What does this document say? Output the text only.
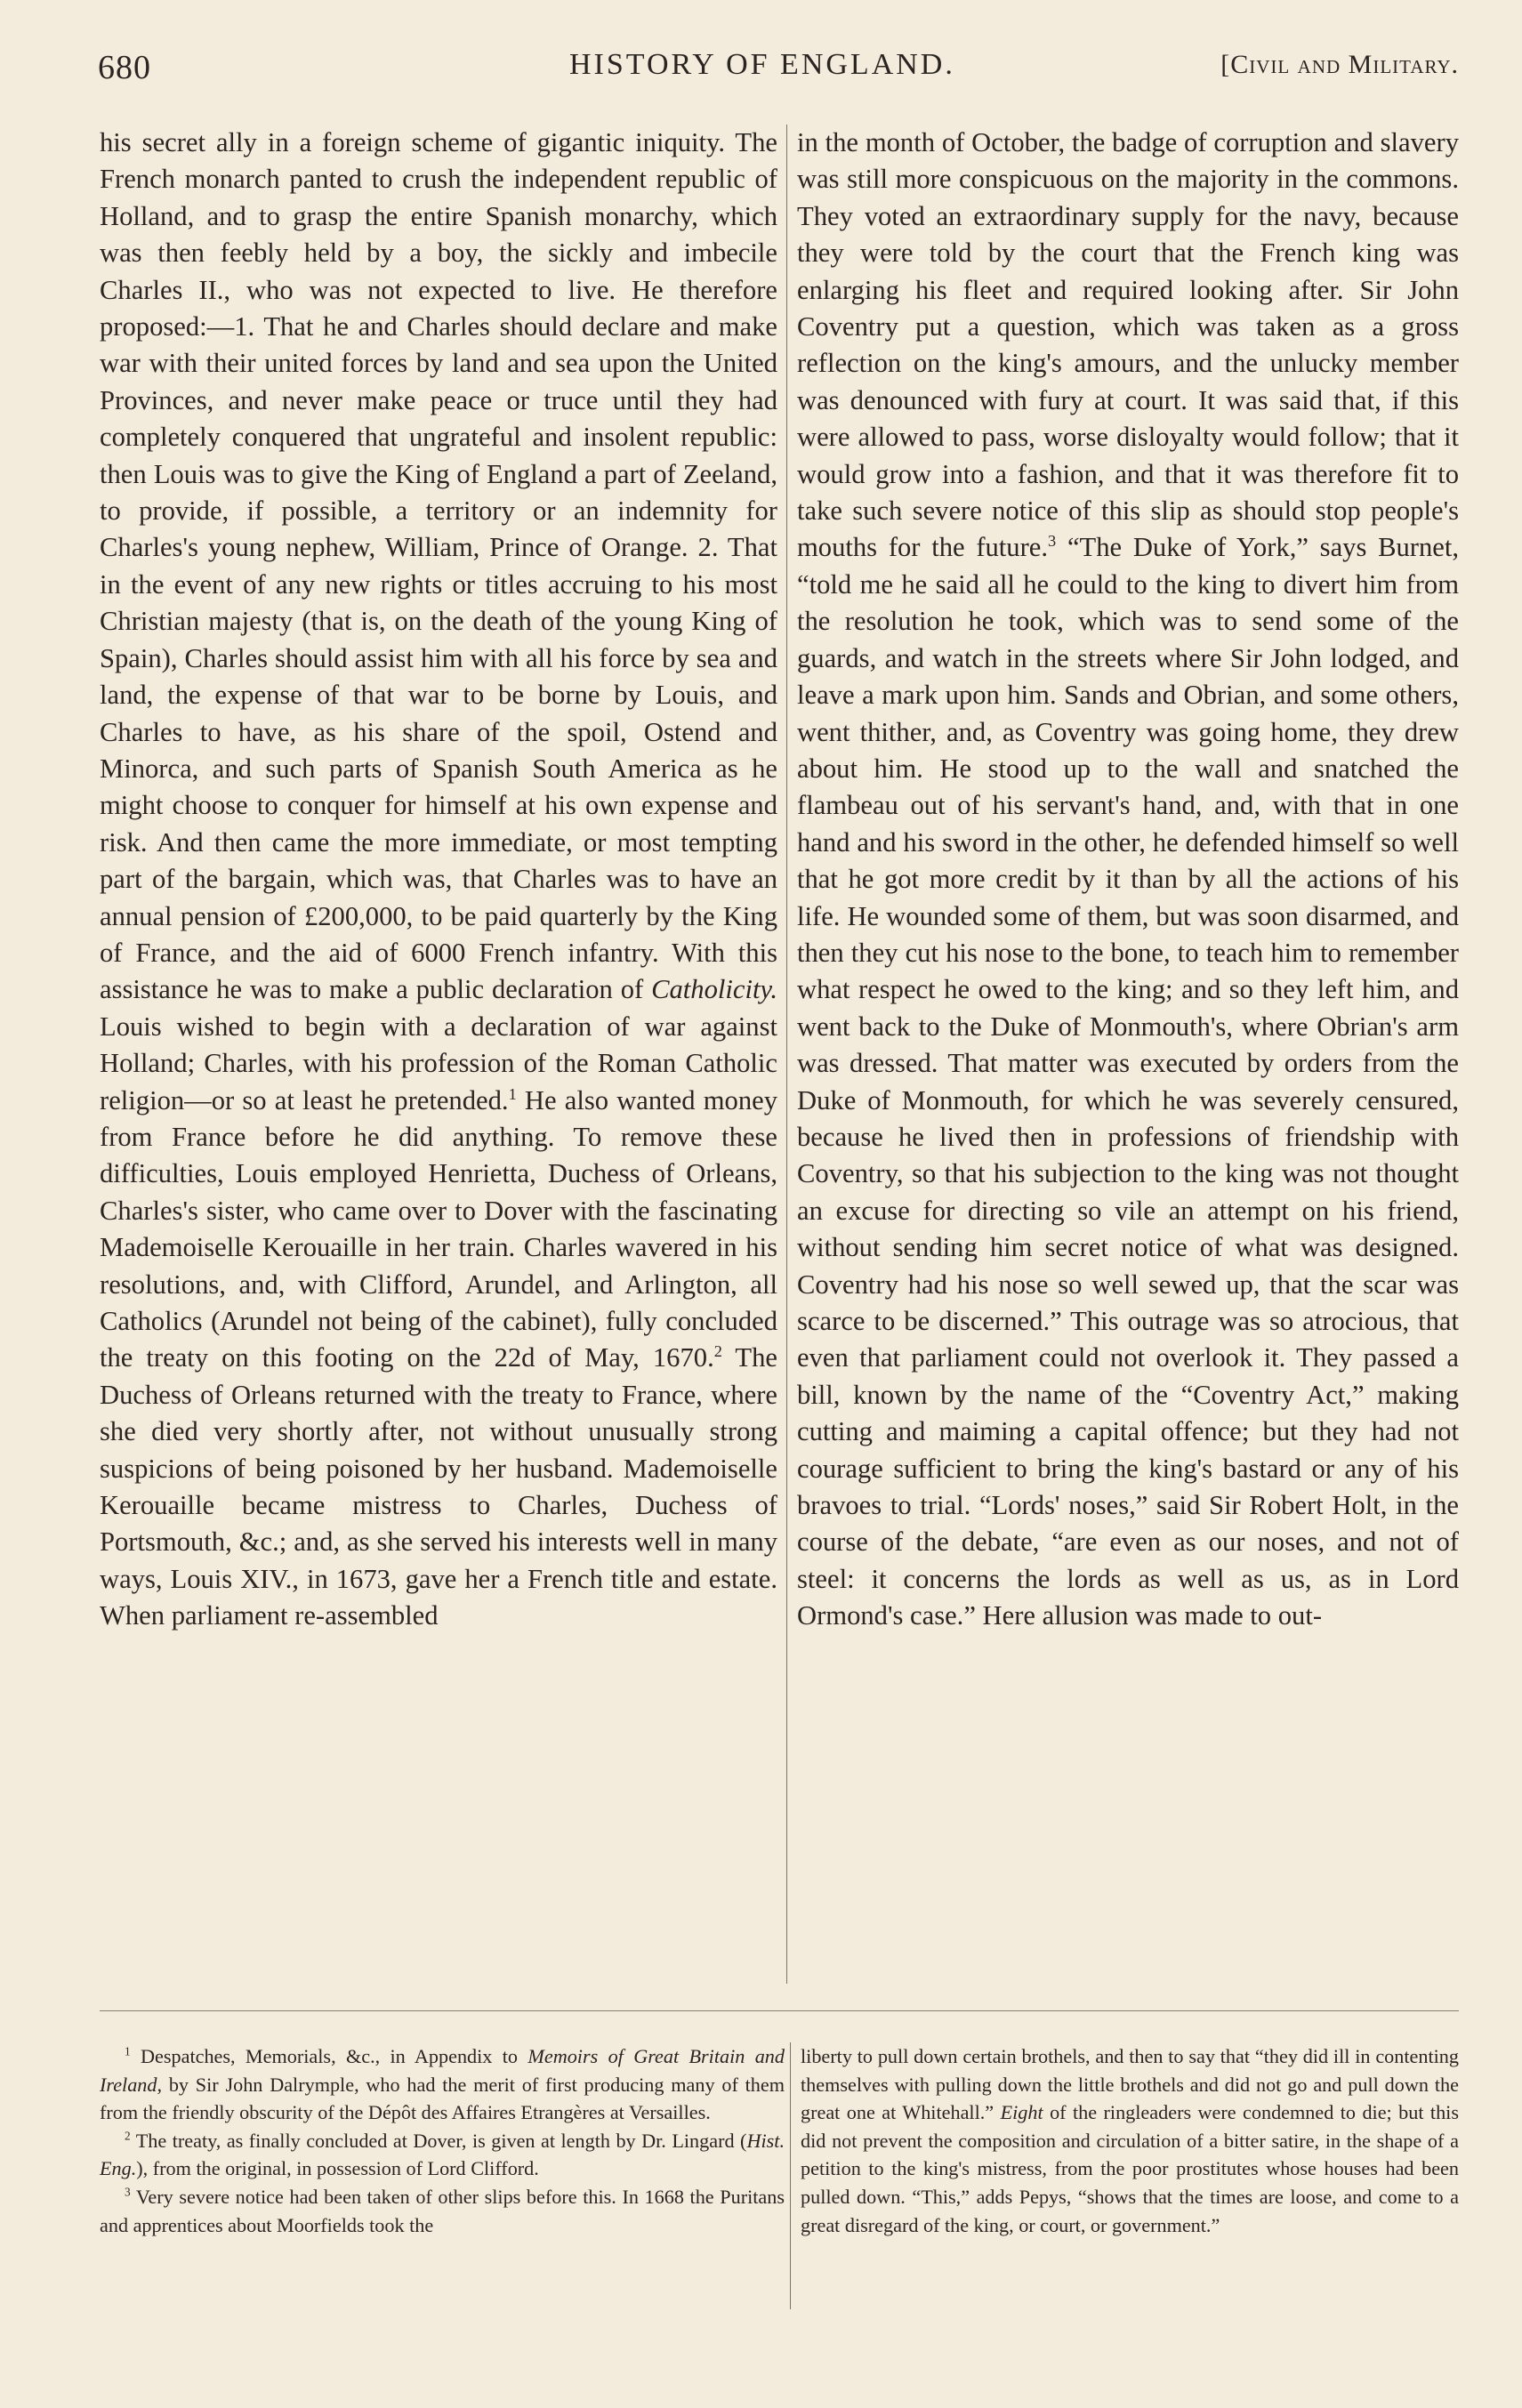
680	HISTORY OF ENGLAND.	[Civil and Military.

his secret ally in a foreign scheme of gigantic iniquity. The French monarch panted to crush the independent republic of Holland, and to grasp the entire Spanish monarchy, which was then feebly held by a boy, the sickly and imbecile Charles II., who was not expected to live. He therefore proposed:—1. That he and Charles should declare and make war with their united forces by land and sea upon the United Provinces, and never make peace or truce until they had completely conquered that ungrateful and insolent republic: then Louis was to give the King of England a part of Zeeland, to provide, if possible, a territory or an indemnity for Charles's young nephew, William, Prince of Orange. 2. That in the event of any new rights or titles accruing to his most Christian majesty (that is, on the death of the young King of Spain), Charles should assist him with all his force by sea and land, the expense of that war to be borne by Louis, and Charles to have, as his share of the spoil, Ostend and Minorca, and such parts of Spanish South America as he might choose to conquer for himself at his own expense and risk. And then came the more immediate, or most tempting part of the bargain, which was, that Charles was to have an annual pension of £200,000, to be paid quarterly by the King of France, and the aid of 6000 French infantry. With this assistance he was to make a public declaration of Catholicity. Louis wished to begin with a declaration of war against Holland; Charles, with his profession of the Roman Catholic religion—or so at least he pretended.$^1$ He also wanted money from France before he did anything. To remove these difficulties, Louis employed Henrietta, Duchess of Orleans, Charles's sister, who came over to Dover with the fascinating Mademoiselle Kerouaille in her train. Charles wavered in his resolutions, and, with Clifford, Arundel, and Arlington, all Catholics (Arundel not being of the cabinet), fully concluded the treaty on this footing on the 22d of May, 1670.$^2$ The Duchess of Orleans returned with the treaty to France, where she died very shortly after, not without unusually strong suspicions of being poisoned by her husband. Mademoiselle Kerouaille became mistress to Charles, Duchess of Portsmouth, &c.; and, as she served his interests well in many ways, Louis XIV., in 1673, gave her a French title and estate. When parliament re-assembled

in the month of October, the badge of corruption and slavery was still more conspicuous on the majority in the commons. They voted an extraordinary supply for the navy, because they were told by the court that the French king was enlarging his fleet and required looking after. Sir John Coventry put a question, which was taken as a gross reflection on the king's amours, and the unlucky member was denounced with fury at court. It was said that, if this were allowed to pass, worse disloyalty would follow; that it would grow into a fashion, and that it was therefore fit to take such severe notice of this slip as should stop people's mouths for the future.$^3$ “The Duke of York,” says Burnet, “told me he said all he could to the king to divert him from the resolution he took, which was to send some of the guards, and watch in the streets where Sir John lodged, and leave a mark upon him. Sands and Obrian, and some others, went thither, and, as Coventry was going home, they drew about him. He stood up to the wall and snatched the flambeau out of his servant's hand, and, with that in one hand and his sword in the other, he defended himself so well that he got more credit by it than by all the actions of his life. He wounded some of them, but was soon disarmed, and then they cut his nose to the bone, to teach him to remember what respect he owed to the king; and so they left him, and went back to the Duke of Monmouth's, where Obrian's arm was dressed. That matter was executed by orders from the Duke of Monmouth, for which he was severely censured, because he lived then in professions of friendship with Coventry, so that his subjection to the king was not thought an excuse for directing so vile an attempt on his friend, without sending him secret notice of what was designed. Coventry had his nose so well sewed up, that the scar was scarce to be discerned.” This outrage was so atrocious, that even that parliament could not overlook it. They passed a bill, known by the name of the “Coventry Act,” making cutting and maiming a capital offence; but they had not courage sufficient to bring the king's bastard or any of his bravoes to trial. “Lords' noses,” said Sir Robert Holt, in the course of the debate, “are even as our noses, and not of steel: it concerns the lords as well as us, as in Lord Ormond's case.” Here allusion was made to out-

$^1$ Despatches, Memorials, &c., in Appendix to Memoirs of Great Britain and Ireland, by Sir John Dalrymple, who had the merit of first producing many of them from the friendly obscurity of the Dépôt des Affaires Etrangères at Versailles.

$^2$ The treaty, as finally concluded at Dover, is given at length by Dr. Lingard (Hist. Eng.), from the original, in possession of Lord Clifford.

$^3$ Very severe notice had been taken of other slips before this. In 1668 the Puritans and apprentices about Moorfields took the

liberty to pull down certain brothels, and then to say that “they did ill in contenting themselves with pulling down the little brothels and did not go and pull down the great one at Whitehall.” Eight of the ringleaders were condemned to die; but this did not prevent the composition and circulation of a bitter satire, in the shape of a petition to the king's mistress, from the poor prostitutes whose houses had been pulled down. “This,” adds Pepys, “shows that the times are loose, and come to a great disregard of the king, or court, or government.”
